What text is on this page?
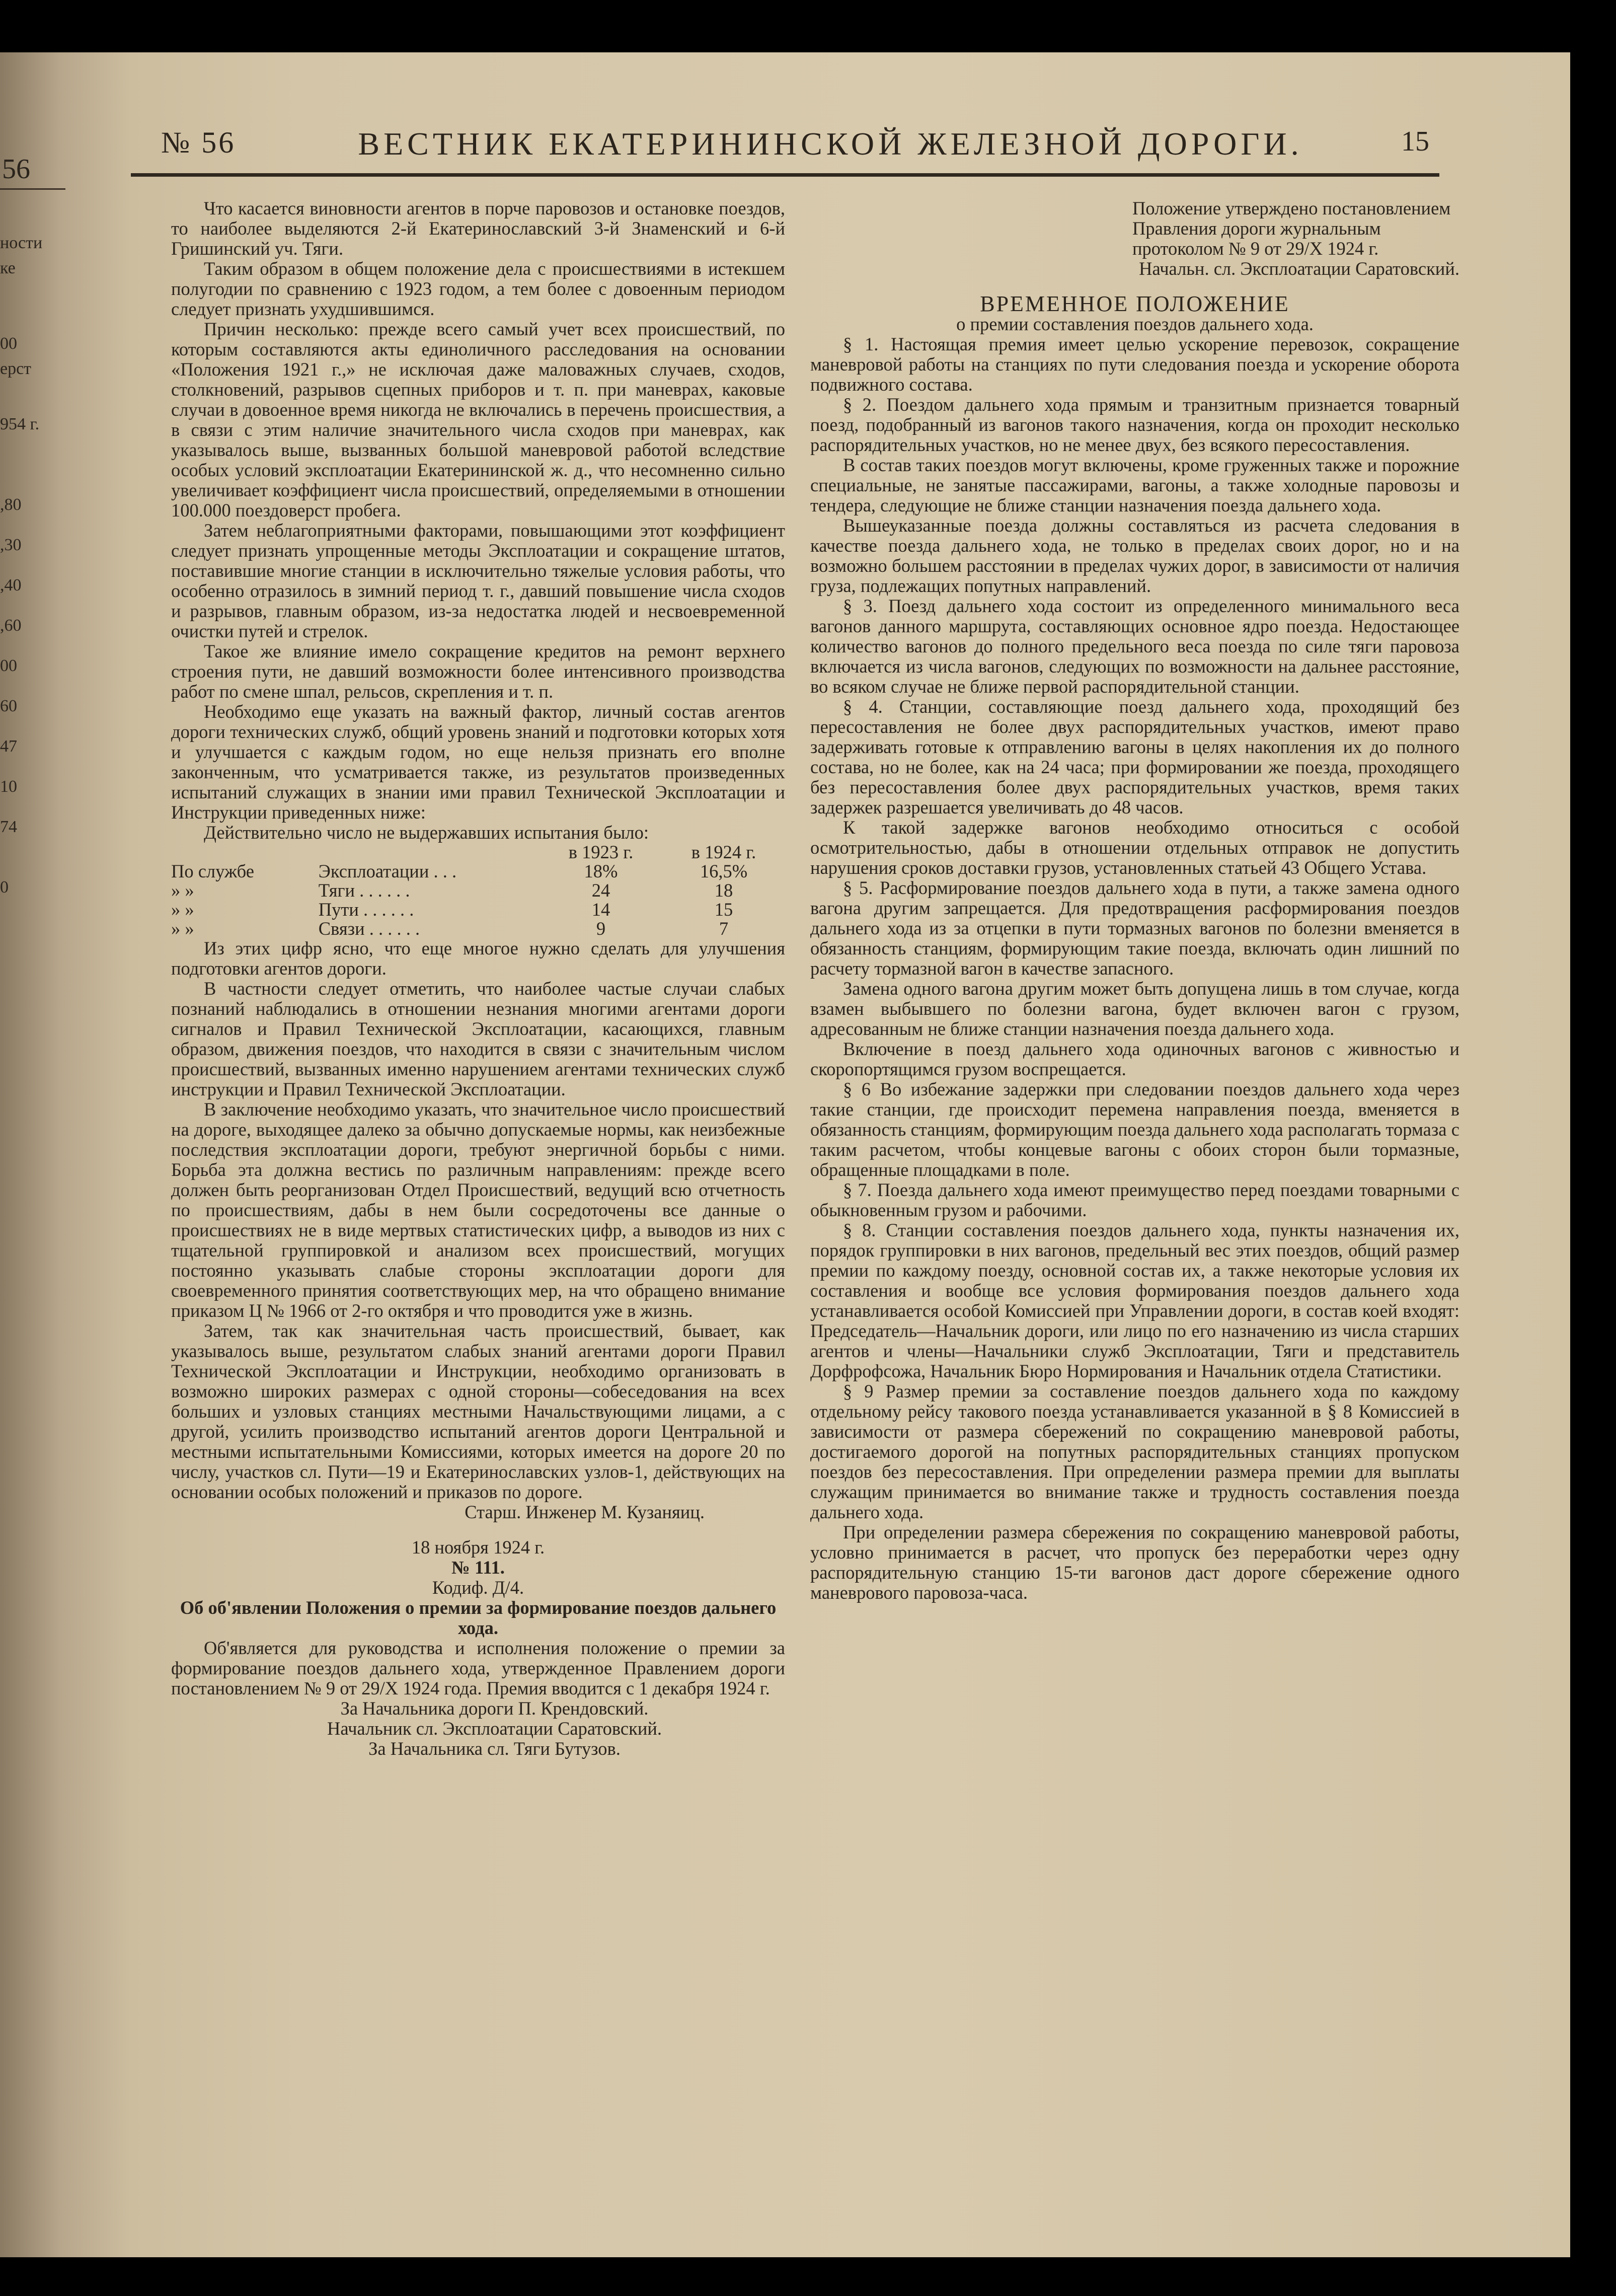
56
ности
ке
00
ерст
954 г.
,80
,30
,40
,60
00
60
47
10
74
0
№ 56	ВЕСТНИК ЕКАТЕРИНИНСКОЙ ЖЕЛЕЗНОЙ ДОРОГИ.	15

Что касается виновности агентов в порче паровозов и остановке поездов, то наиболее выделяются 2-й Екатеринославский 3-й Знаменский и 6-й Гришинский уч. Тяги.

Таким образом в общем положение дела с происшествиями в истекшем полугодии по сравнению с 1923 годом, а тем более с довоенным периодом следует признать ухудшившимся.

Причин несколько: прежде всего самый учет всех происшествий, по которым составляются акты единоличного расследования на основании «Положения 1921 г.,» не исключая даже маловажных случаев, сходов, столкновений, разрывов сцепных приборов и т. п. при маневрах, каковые случаи в довоенное время никогда не включались в перечень происшествия, а в связи с этим наличие значительного числа сходов при маневрах, как указывалось выше, вызванных большой маневровой работой вследствие особых условий эксплоатации Екатерининской ж. д., что несомненно сильно увеличивает коэффициент числа происшествий, определяемыми в отношении 100.000 поездоверст пробега.

Затем неблагоприятными факторами, повышающими этот коэффициент следует признать упрощенные методы Эксплоатации и сокращение штатов, поставившие многие станции в исключительно тяжелые условия работы, что особенно отразилось в зимний период т. г., давший повышение числа сходов и разрывов, главным образом, из-за недостатка людей и несвоевременной очистки путей и стрелок.

Такое же влияние имело сокращение кредитов на ремонт верхнего строения пути, не давший возможности более интенсивного производства работ по смене шпал, рельсов, скрепления и т. п.

Необходимо еще указать на важный фактор, личный состав агентов дороги технических служб, общий уровень знаний и подготовки которых хотя и улучшается с каждым годом, но еще нельзя признать его вполне законченным, что усматривается также, из результатов произведенных испытаний служащих в знании ими правил Технической Эксплоатации и Инструкции приведенных ниже:

Действительно число не выдержавших испытания было:

		в 1923 г.	в 1924 г.
По службе	Эксплоатации . . .	18%	16,5%
» »	Тяги . . . . . .	24	18
» »	Пути . . . . . .	14	15
» »	Связи . . . . . .	9	7

Из этих цифр ясно, что еще многое нужно сделать для улучшения подготовки агентов дороги.

В частности следует отметить, что наиболее частые случаи слабых познаний наблюдались в отношении незнания многими агентами дороги сигналов и Правил Технической Эксплоатации, касающихся, главным образом, движения поездов, что находится в связи с значительным числом происшествий, вызванных именно нарушением агентами технических служб инструкции и Правил Технической Эксплоатации.

В заключение необходимо указать, что значительное число происшествий на дороге, выходящее далеко за обычно допускаемые нормы, как неизбежные последствия эксплоатации дороги, требуют энергичной борьбы с ними. Борьба эта должна вестись по различным направлениям: прежде всего должен быть реорганизован Отдел Происшествий, ведущий всю отчетность по происшествиям, дабы в нем были сосредоточены все данные о происшествиях не в виде мертвых статистических цифр, а выводов из них с тщательной группировкой и анализом всех происшествий, могущих постоянно указывать слабые стороны эксплоатации дороги для своевременного принятия соответствующих мер, на что обращено внимание приказом Ц № 1966 от 2-го октября и что проводится уже в жизнь.

Затем, так как значительная часть происшествий, бывает, как указывалось выше, результатом слабых знаний агентами дороги Правил Технической Эксплоатации и Инструкции, необходимо организовать в возможно широких размерах с одной стороны—собеседования на всех больших и узловых станциях местными Начальствующими лицами, а с другой, усилить производство испытаний агентов дороги Центральной и местными испытательными Комиссиями, которых имеется на дороге 20 по числу, участков сл. Пути—19 и Екатеринославских узлов-1, действующих на основании особых положений и приказов по дороге.

Старш. Инженер М. Кузаняиц.

18 ноября 1924 г.

№ 111.

Кодиф. Д/4.

Об об'явлении Положения о премии за формирование поездов дальнего хода.

Об'является для руководства и исполнения положение о премии за формирование поездов дальнего хода, утвержденное Правлением дороги постановлением № 9 от 29/X 1924 года. Премия вводится с 1 декабря 1924 г.

За Начальника дороги П. Крендовский.

Начальник сл. Эксплоатации Саратовский.

За Начальника сл. Тяги Бутузов.

Положение утверждено постановлением Правления дороги журнальным протоколом № 9 от 29/X 1924 г.

Начальн. сл. Эксплоатации Саратовский.

ВРЕМЕННОЕ ПОЛОЖЕНИЕ

о премии составления поездов дальнего хода.

§ 1. Настоящая премия имеет целью ускорение перевозок, сокращение маневровой работы на станциях по пути следования поезда и ускорение оборота подвижного состава.

§ 2. Поездом дальнего хода прямым и транзитным признается товарный поезд, подобранный из вагонов такого назначения, когда он проходит несколько распорядительных участков, но не менее двух, без всякого пересоставления.

В состав таких поездов могут включены, кроме груженных также и порожние специальные, не занятые пассажирами, вагоны, а также холодные паровозы и тендера, следующие не ближе станции назначения поезда дальнего хода.

Вышеуказанные поезда должны составляться из расчета следования в качестве поезда дальнего хода, не только в пределах своих дорог, но и на возможно большем расстоянии в пределах чужих дорог, в зависимости от наличия груза, подлежащих попутных направлений.

§ 3. Поезд дальнего хода состоит из определенного минимального веса вагонов данного маршрута, составляющих основное ядро поезда. Недостающее количество вагонов до полного предельного веса поезда по силе тяги паровоза включается из числа вагонов, следующих по возможности на дальнее расстояние, во всяком случае не ближе первой распорядительной станции.

§ 4. Станции, составляющие поезд дальнего хода, проходящий без пересоставления не более двух распорядительных участков, имеют право задерживать готовые к отправлению вагоны в целях накопления их до полного состава, но не более, как на 24 часа; при формировании же поезда, проходящего без пересоставления более двух распорядительных участков, время таких задержек разрешается увеличивать до 48 часов.

К такой задержке вагонов необходимо относиться с особой осмотрительностью, дабы в отношении отдельных отправок не допустить нарушения сроков доставки грузов, установленных статьей 43 Общего Устава.

§ 5. Расформирование поездов дальнего хода в пути, а также замена одного вагона другим запрещается. Для предотвращения расформирования поездов дальнего хода из за отцепки в пути тормазных вагонов по болезни вменяется в обязанность станциям, формирующим такие поезда, включать один лишний по расчету тормазной вагон в качестве запасного.

Замена одного вагона другим может быть допущена лишь в том случае, когда взамен выбывшего по болезни вагона, будет включен вагон с грузом, адресованным не ближе станции назначения поезда дальнего хода.

Включение в поезд дальнего хода одиночных вагонов с живностью и скоропортящимся грузом воспрещается.

§ 6 Во избежание задержки при следовании поездов дальнего хода через такие станции, где происходит перемена направления поезда, вменяется в обязанность станциям, формирующим поезда дальнего хода располагать тормаза с таким расчетом, чтобы концевые вагоны с обоих сторон были тормазные, обращенные площадками в поле.

§ 7. Поезда дальнего хода имеют преимущество перед поездами товарными с обыкновенным грузом и рабочими.

§ 8. Станции составления поездов дальнего хода, пункты назначения их, порядок группировки в них вагонов, предельный вес этих поездов, общий размер премии по каждому поезду, основной состав их, а также некоторые условия их составления и вообще все условия формирования поездов дальнего хода устанавливается особой Комиссией при Управлении дороги, в состав коей входят: Председатель—Начальник дороги, или лицо по его назначению из числа старших агентов и члены—Начальники служб Эксплоатации, Тяги и представитель Дорфрофсожа, Начальник Бюро Нормирования и Начальник отдела Статистики.

§ 9 Размер премии за составление поездов дальнего хода по каждому отдельному рейсу такового поезда устанавливается указанной в § 8 Комиссией в зависимости от размера сбережений по сокращению маневровой работы, достигаемого дорогой на попутных распорядительных станциях пропуском поездов без пересоставления. При определении размера премии для выплаты служащим принимается во внимание также и трудность составления поезда дальнего хода.

При определении размера сбережения по сокращению маневровой работы, условно принимается в расчет, что пропуск без переработки через одну распорядительную станцию 15-ти вагонов даст дороге сбережение одного маневрового паровоза-часа.
